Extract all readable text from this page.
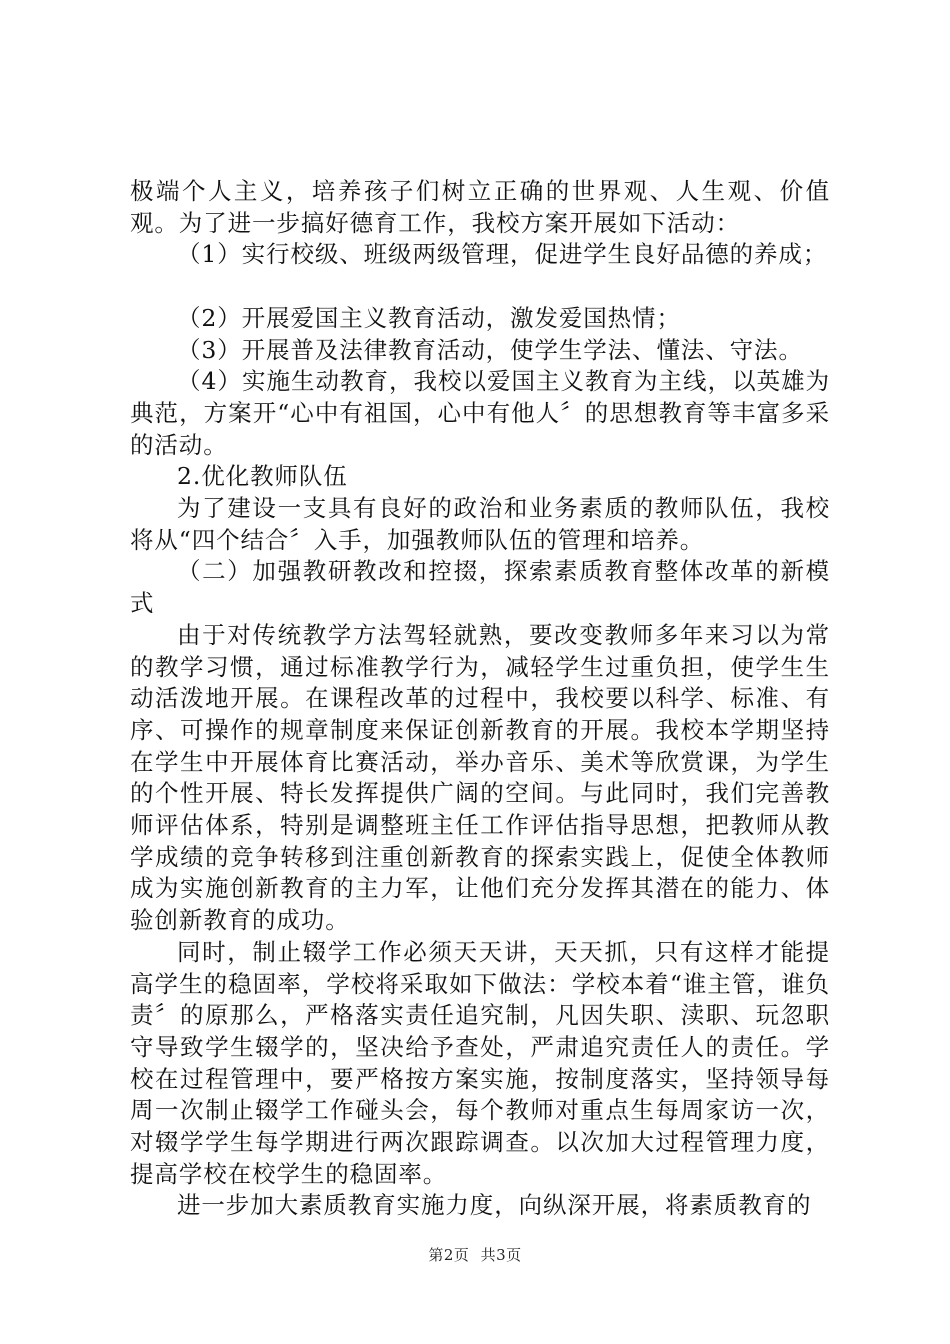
极端个人主义，培养孩子们树立正确的世界观、人生观、价值观。为了进一步搞好德育工作，我校方案开展如下活动：

（1）实行校级、班级两级管理，促进学生良好品德的养成；

（2）开展爱国主义教育活动，激发爱国热情；

（3）开展普及法律教育活动，使学生学法、懂法、守法。

（4）实施生动教育，我校以爱国主义教育为主线，以英雄为典范，方案开“心中有祖国，心中有他人〞的思想教育等丰富多采的活动。

2.优化教师队伍

为了建设一支具有良好的政治和业务素质的教师队伍，我校将从“四个结合〞入手，加强教师队伍的管理和培养。

（二）加强教研教改和控掇，探索素质教育整体改革的新模式

由于对传统教学方法驾轻就熟，要改变教师多年来习以为常的教学习惯，通过标准教学行为，减轻学生过重负担，使学生生动活泼地开展。在课程改革的过程中，我校要以科学、标准、有序、可操作的规章制度来保证创新教育的开展。我校本学期坚持在学生中开展体育比赛活动，举办音乐、美术等欣赏课，为学生的个性开展、特长发挥提供广阔的空间。与此同时，我们完善教师评估体系，特别是调整班主任工作评估指导思想，把教师从教学成绩的竞争转移到注重创新教育的探索实践上，促使全体教师成为实施创新教育的主力军，让他们充分发挥其潜在的能力、体验创新教育的成功。

同时，制止辍学工作必须天天讲，天天抓，只有这样才能提高学生的稳固率，学校将采取如下做法：学校本着“谁主管，谁负责〞的原那么，严格落实责任追究制，凡因失职、渎职、玩忽职守导致学生辍学的，坚决给予查处，严肃追究责任人的责任。学校在过程管理中，要严格按方案实施，按制度落实，坚持领导每周一次制止辍学工作碰头会，每个教师对重点生每周家访一次，对辍学学生每学期进行两次跟踪调查。以次加大过程管理力度，提高学校在校学生的稳固率。

进一步加大素质教育实施力度，向纵深开展，将素质教育的

第2页 共3页
